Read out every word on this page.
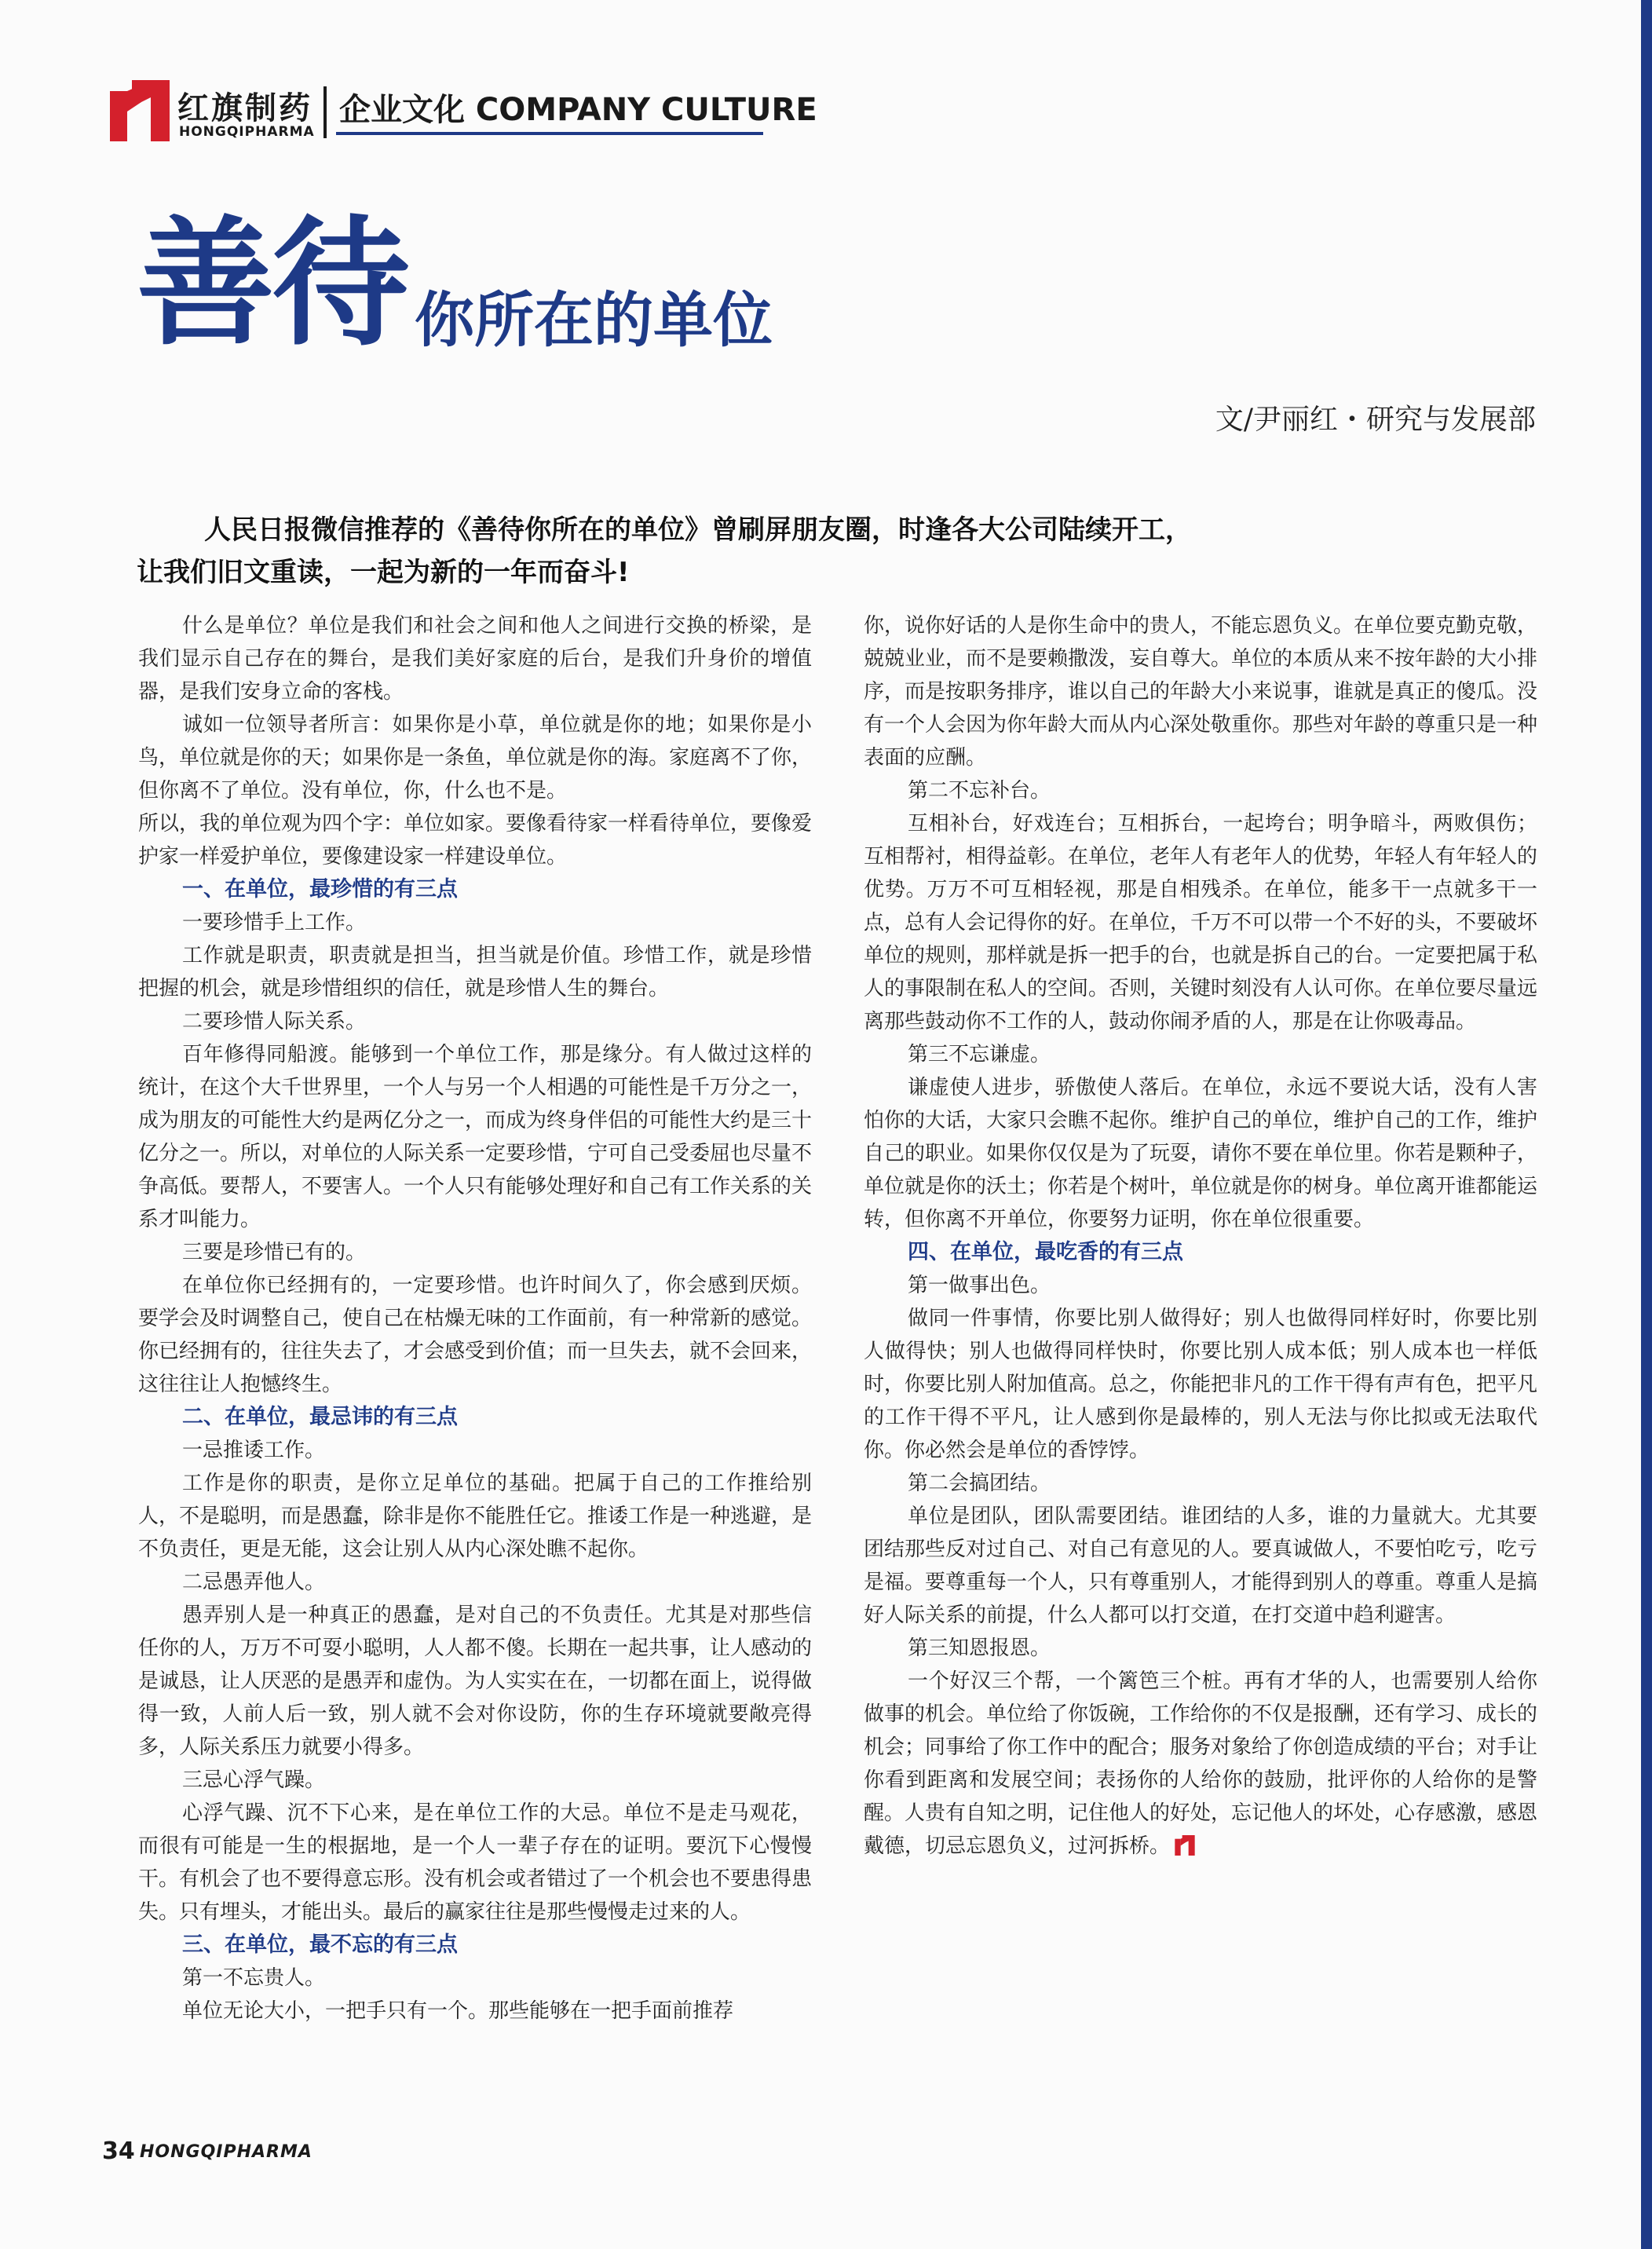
红旗制药
HONGQIPHARMA
企业文化 COMPANY CULTURE
善待 你所在的单位
文/尹丽红・研究与发展部

人民日报微信推荐的《善待你所在的单位》曾刷屏朋友圈，时逢各大公司陆续开工，

让我们旧文重读，一起为新的一年而奋斗!

什么是单位？单位是我们和社会之间和他人之间进行交换的桥梁，是我们显示自己存在的舞台，是我们美好家庭的后台，是我们升身价的增值器，是我们安身立命的客栈。

诚如一位领导者所言：如果你是小草，单位就是你的地；如果你是小鸟，单位就是你的天；如果你是一条鱼，单位就是你的海。家庭离不了你，但你离不了单位。没有单位，你，什么也不是。

所以，我的单位观为四个字：单位如家。要像看待家一样看待单位，要像爱护家一样爱护单位，要像建设家一样建设单位。

一、在单位，最珍惜的有三点

一要珍惜手上工作。

工作就是职责，职责就是担当，担当就是价值。珍惜工作，就是珍惜把握的机会，就是珍惜组织的信任，就是珍惜人生的舞台。

二要珍惜人际关系。

百年修得同船渡。能够到一个单位工作，那是缘分。有人做过这样的统计，在这个大千世界里，一个人与另一个人相遇的可能性是千万分之一，成为朋友的可能性大约是两亿分之一，而成为终身伴侣的可能性大约是三十亿分之一。所以，对单位的人际关系一定要珍惜，宁可自己受委屈也尽量不争高低。要帮人，不要害人。一个人只有能够处理好和自己有工作关系的关系才叫能力。

三要是珍惜已有的。

在单位你已经拥有的，一定要珍惜。也许时间久了，你会感到厌烦。要学会及时调整自己，使自己在枯燥无味的工作面前，有一种常新的感觉。你已经拥有的，往往失去了，才会感受到价值；而一旦失去，就不会回来，这往往让人抱憾终生。

二、在单位，最忌讳的有三点

一忌推诿工作。

工作是你的职责，是你立足单位的基础。把属于自己的工作推给别人，不是聪明，而是愚蠢，除非是你不能胜任它。推诿工作是一种逃避，是不负责任，更是无能，这会让别人从内心深处瞧不起你。

二忌愚弄他人。

愚弄别人是一种真正的愚蠢，是对自己的不负责任。尤其是对那些信任你的人，万万不可耍小聪明，人人都不傻。长期在一起共事，让人感动的是诚恳，让人厌恶的是愚弄和虚伪。为人实实在在，一切都在面上，说得做得一致，人前人后一致，别人就不会对你设防，你的生存环境就要敞亮得多，人际关系压力就要小得多。

三忌心浮气躁。

心浮气躁、沉不下心来，是在单位工作的大忌。单位不是走马观花，而很有可能是一生的根据地，是一个人一辈子存在的证明。要沉下心慢慢干。有机会了也不要得意忘形。没有机会或者错过了一个机会也不要患得患失。只有埋头，才能出头。最后的赢家往往是那些慢慢走过来的人。

三、在单位，最不忘的有三点

第一不忘贵人。

单位无论大小，一把手只有一个。那些能够在一把手面前推荐

你，说你好话的人是你生命中的贵人，不能忘恩负义。在单位要克勤克敬，兢兢业业，而不是要赖撒泼，妄自尊大。单位的本质从来不按年龄的大小排序，而是按职务排序，谁以自己的年龄大小来说事，谁就是真正的傻瓜。没有一个人会因为你年龄大而从内心深处敬重你。那些对年龄的尊重只是一种表面的应酬。

第二不忘补台。

互相补台，好戏连台；互相拆台，一起垮台；明争暗斗，两败俱伤；互相帮衬，相得益彰。在单位，老年人有老年人的优势，年轻人有年轻人的优势。万万不可互相轻视，那是自相残杀。在单位，能多干一点就多干一点，总有人会记得你的好。在单位，千万不可以带一个不好的头，不要破坏单位的规则，那样就是拆一把手的台，也就是拆自己的台。一定要把属于私人的事限制在私人的空间。否则，关键时刻没有人认可你。在单位要尽量远离那些鼓动你不工作的人，鼓动你闹矛盾的人，那是在让你吸毒品。

第三不忘谦虚。

谦虚使人进步，骄傲使人落后。在单位，永远不要说大话，没有人害怕你的大话，大家只会瞧不起你。维护自己的单位，维护自己的工作，维护自己的职业。如果你仅仅是为了玩耍，请你不要在单位里。你若是颗种子，单位就是你的沃土；你若是个树叶，单位就是你的树身。单位离开谁都能运转，但你离不开单位，你要努力证明，你在单位很重要。

四、在单位，最吃香的有三点

第一做事出色。

做同一件事情，你要比别人做得好；别人也做得同样好时，你要比别人做得快；别人也做得同样快时，你要比别人成本低；别人成本也一样低时，你要比别人附加值高。总之，你能把非凡的工作干得有声有色，把平凡的工作干得不平凡，让人感到你是最棒的，别人无法与你比拟或无法取代你。你必然会是单位的香饽饽。

第二会搞团结。

单位是团队，团队需要团结。谁团结的人多，谁的力量就大。尤其要团结那些反对过自己、对自己有意见的人。要真诚做人，不要怕吃亏，吃亏是福。要尊重每一个人，只有尊重别人，才能得到别人的尊重。尊重人是搞好人际关系的前提，什么人都可以打交道，在打交道中趋利避害。

第三知恩报恩。

一个好汉三个帮，一个篱笆三个桩。再有才华的人，也需要别人给你做事的机会。单位给了你饭碗，工作给你的不仅是报酬，还有学习、成长的机会；同事给了你工作中的配合；服务对象给了你创造成绩的平台；对手让你看到距离和发展空间；表扬你的人给你的鼓励，批评你的人给你的是警醒。人贵有自知之明，记住他人的好处，忘记他人的坏处，心存感激，感恩戴德，切忌忘恩负义，过河拆桥。

34 HONGQIPHARMA
